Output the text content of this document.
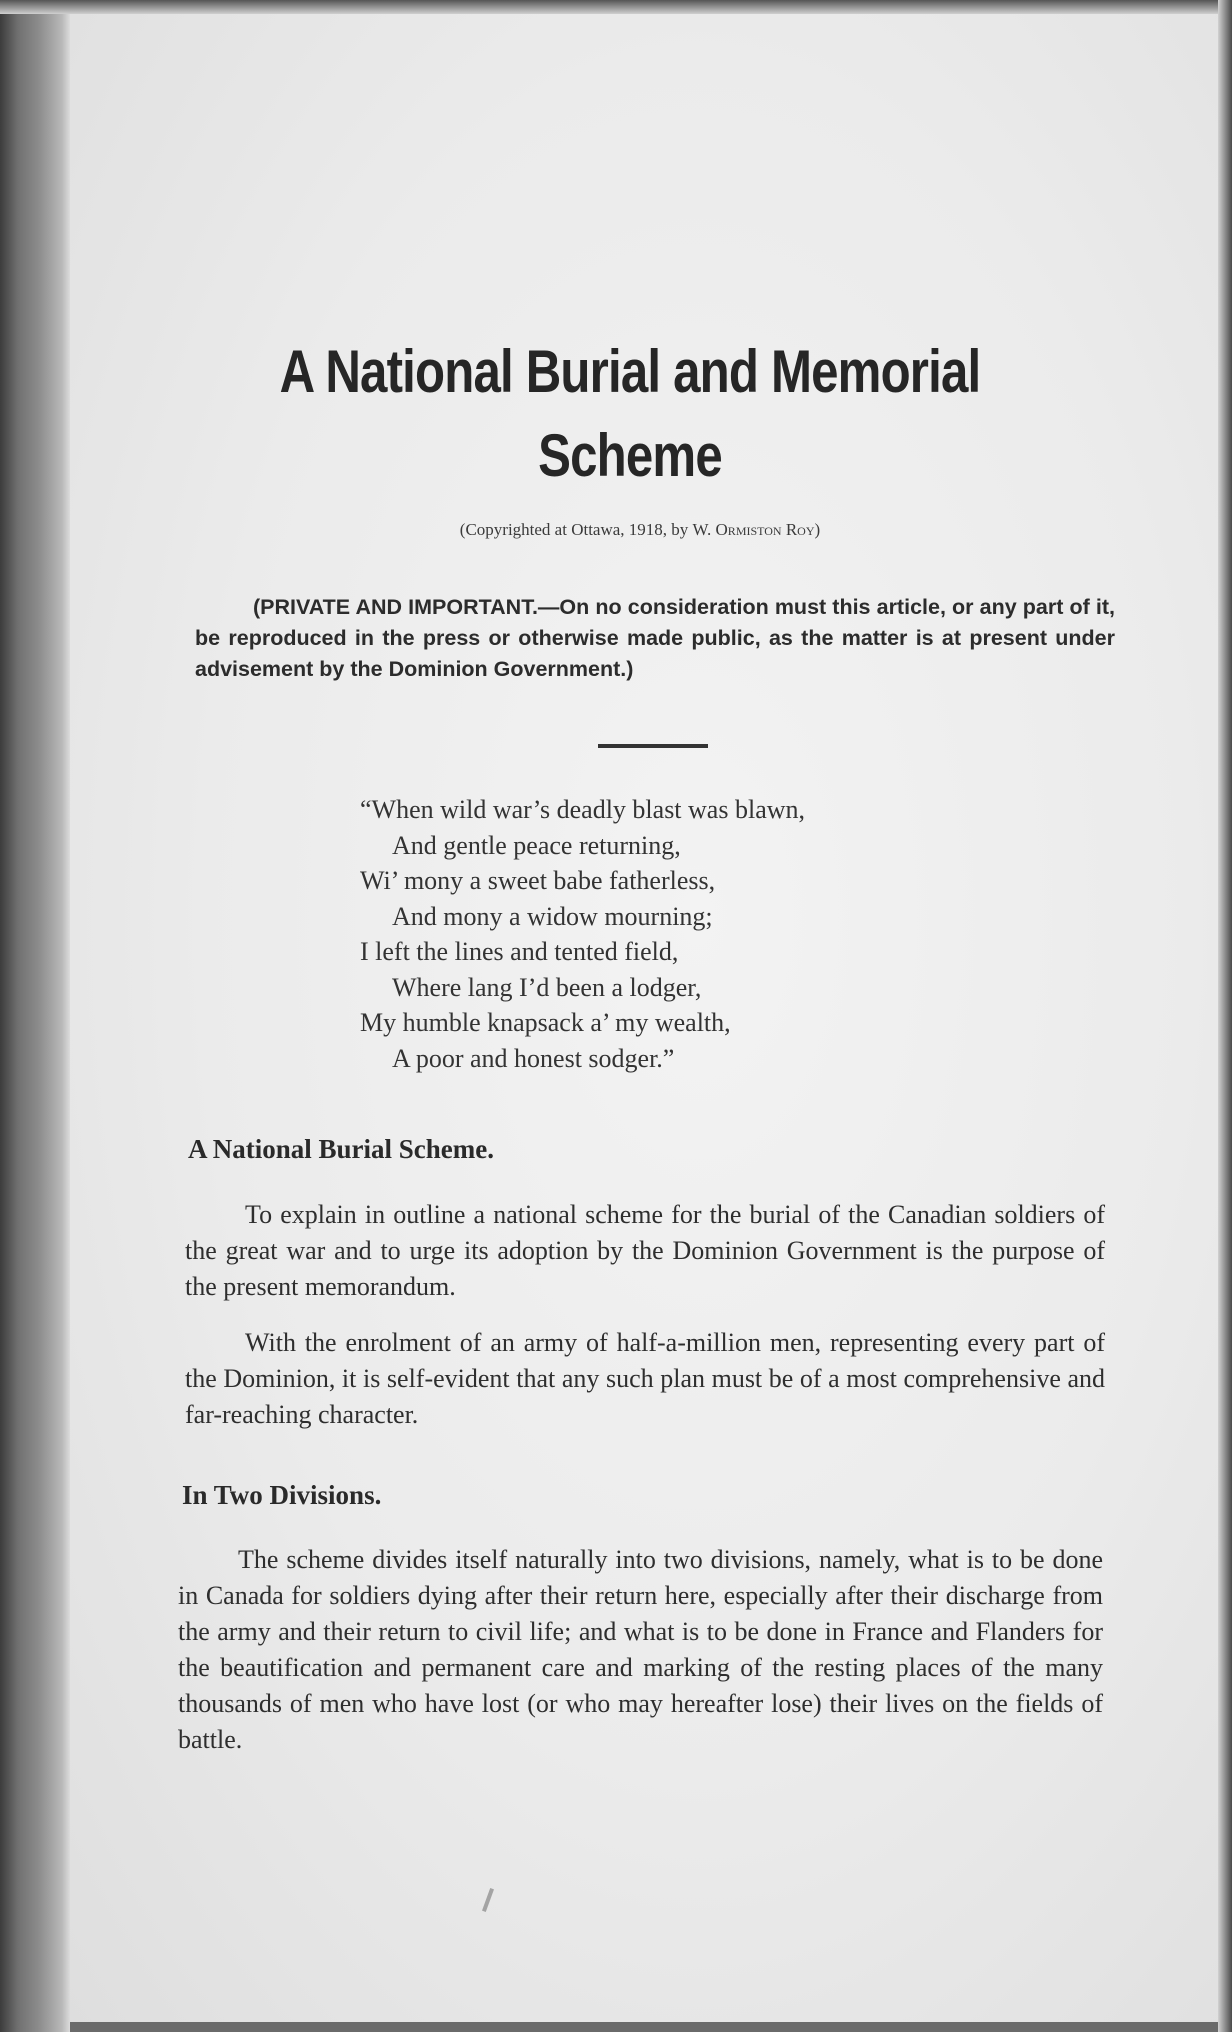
A National Burial and Memorial Scheme
(Copyrighted at Ottawa, 1918, by W. Ormiston Roy)
(PRIVATE AND IMPORTANT.—On no consideration must this article, or any part of it, be reproduced in the press or otherwise made public, as the matter is at present under advisement by the Dominion Government.)
“When wild war’s deadly blast was blawn,
And gentle peace returning,
Wi’ mony a sweet babe fatherless,
And mony a widow mourning;
I left the lines and tented field,
Where lang I’d been a lodger,
My humble knapsack a’ my wealth,
A poor and honest sodger.”
A National Burial Scheme.
To explain in outline a national scheme for the burial of the Canadian soldiers of the great war and to urge its adoption by the Dominion Government is the purpose of the present memorandum.
With the enrolment of an army of half-a-million men, representing every part of the Dominion, it is self-evident that any such plan must be of a most comprehensive and far-reaching character.
In Two Divisions.
The scheme divides itself naturally into two divisions, namely, what is to be done in Canada for soldiers dying after their return here, especially after their discharge from the army and their return to civil life; and what is to be done in France and Flanders for the beautification and permanent care and marking of the resting places of the many thousands of men who have lost (or who may hereafter lose) their lives on the fields of battle.
